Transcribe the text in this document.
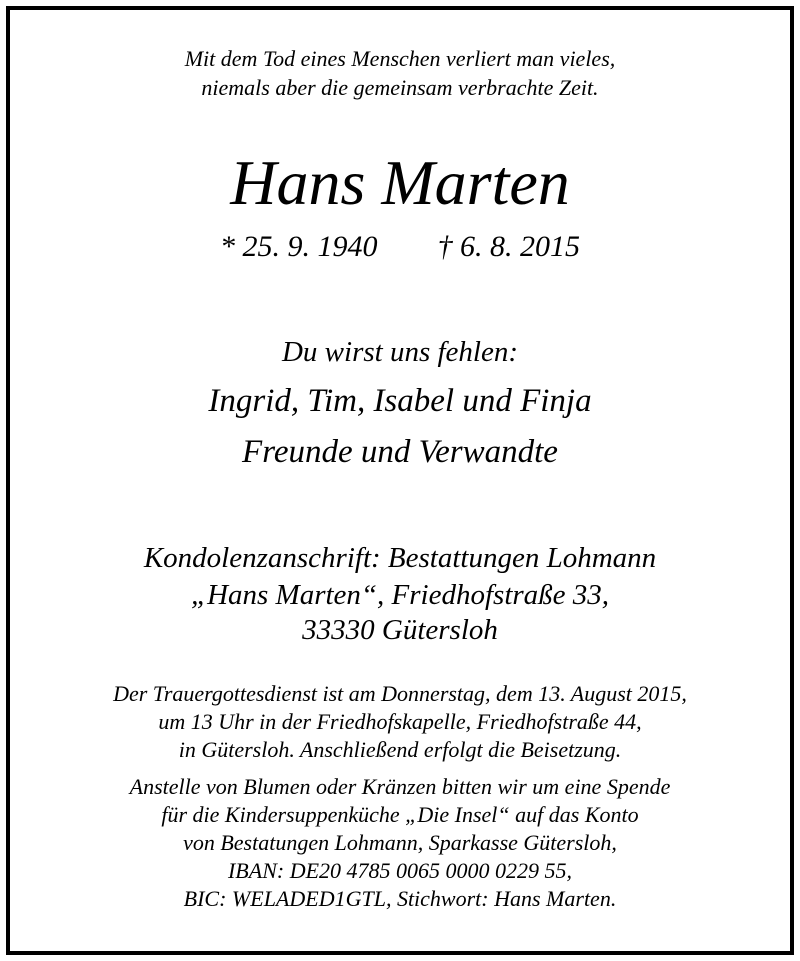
Mit dem Tod eines Menschen verliert man vieles,
niemals aber die gemeinsam verbrachte Zeit.
Hans Marten
* 25. 9. 1940 † 6. 8. 2015
Du wirst uns fehlen:
Ingrid, Tim, Isabel und Finja
Freunde und Verwandte
Kondolenzanschrift: Bestattungen Lohmann
„Hans Marten“, Friedhofstraße 33,
33330 Gütersloh
Der Trauergottesdienst ist am Donnerstag, dem 13. August 2015,
um 13 Uhr in der Friedhofskapelle, Friedhofstraße 44,
in Gütersloh. Anschließend erfolgt die Beisetzung.
Anstelle von Blumen oder Kränzen bitten wir um eine Spende
für die Kindersuppenküche „Die Insel“ auf das Konto
von Bestatungen Lohmann, Sparkasse Gütersloh,
IBAN: DE20 4785 0065 0000 0229 55,
BIC: WELADED1GTL, Stichwort: Hans Marten.
